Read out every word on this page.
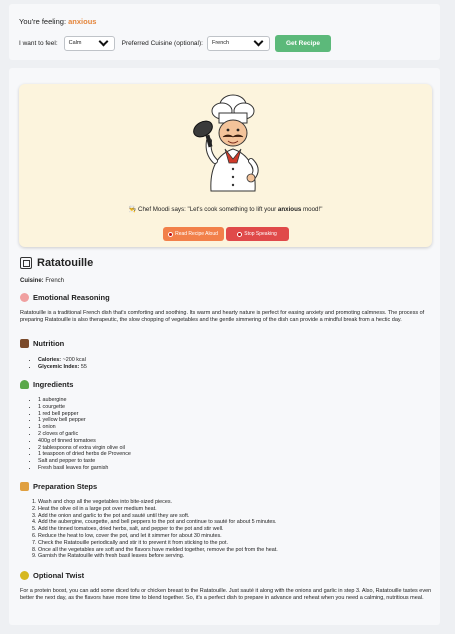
You're feeling: anxious
I want to feel: Calm	Preferred Cuisine (optional): French	Get Recipe
👨‍🍳 Chef Moodi says: "Let's cook something to lift your anxious mood!"
Read Recipe Aloud	Stop Speaking
Ratatouille
Cuisine: French
Emotional Reasoning
Ratatouille is a traditional French dish that's comforting and soothing. Its warm and hearty nature is perfect for easing anxiety and promoting calmness. The process of preparing Ratatouille is also therapeutic, the slow chopping of vegetables and the gentle simmering of the dish can provide a mindful break from a hectic day.
Nutrition
• Calories: ~200 kcal
• Glycemic Index: 55
Ingredients
• 1 aubergine
• 1 courgette
• 1 red bell pepper
• 1 yellow bell pepper
• 1 onion
• 2 cloves of garlic
• 400g of tinned tomatoes
• 2 tablespoons of extra virgin olive oil
• 1 teaspoon of dried herbs de Provence
• Salt and pepper to taste
• Fresh basil leaves for garnish
Preparation Steps
1. Wash and chop all the vegetables into bite-sized pieces.
2. Heat the olive oil in a large pot over medium heat.
3. Add the onion and garlic to the pot and sauté until they are soft.
4. Add the aubergine, courgette, and bell peppers to the pot and continue to sauté for about 5 minutes.
5. Add the tinned tomatoes, dried herbs, salt, and pepper to the pot and stir well.
6. Reduce the heat to low, cover the pot, and let it simmer for about 30 minutes.
7. Check the Ratatouille periodically and stir it to prevent it from sticking to the pot.
8. Once all the vegetables are soft and the flavors have melded together, remove the pot from the heat.
9. Garnish the Ratatouille with fresh basil leaves before serving.
Optional Twist
For a protein boost, you can add some diced tofu or chicken breast to the Ratatouille. Just sauté it along with the onions and garlic in step 3. Also, Ratatouille tastes even better the next day, as the flavors have more time to blend together. So, it's a perfect dish to prepare in advance and reheat when you need a calming, nutritious meal.
